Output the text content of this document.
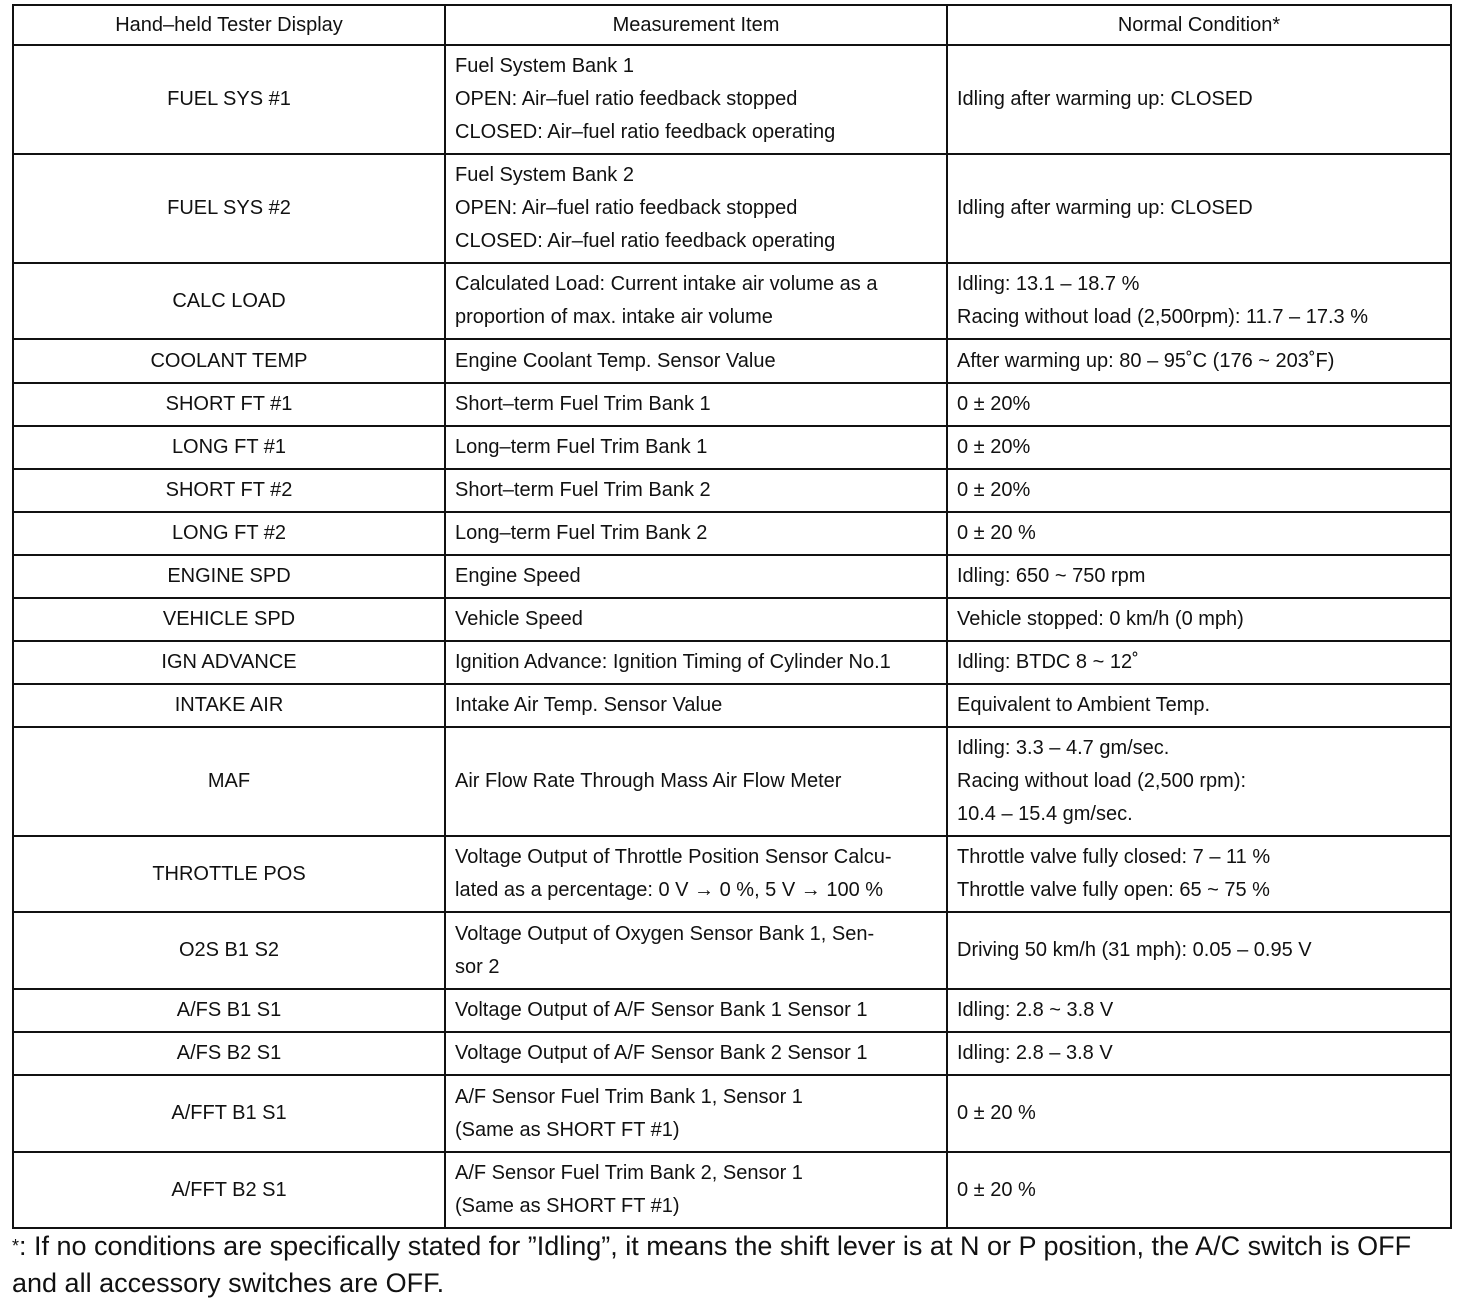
Hand–held Tester Display	Measurement Item	Normal Condition*
FUEL SYS #1	Fuel System Bank 1
OPEN: Air–fuel ratio feedback stopped
CLOSED: Air–fuel ratio feedback operating	Idling after warming up: CLOSED

FUEL SYS #2	Fuel System Bank 2
OPEN: Air–fuel ratio feedback stopped
CLOSED: Air–fuel ratio feedback operating	Idling after warming up: CLOSED

CALC LOAD	Calculated Load: Current intake air volume as a
proportion of max. intake air volume	Idling: 13.1 – 18.7 %
Racing without load (2,500rpm): 11.7 – 17.3 %

COOLANT TEMP	Engine Coolant Temp. Sensor Value	After warming up: 80 – 95˚C (176 ~ 203˚F)

SHORT FT #1	Short–term Fuel Trim Bank 1	0 ± 20%

LONG FT #1	Long–term Fuel Trim Bank 1	0 ± 20%

SHORT FT #2	Short–term Fuel Trim Bank 2	0 ± 20%

LONG FT #2	Long–term Fuel Trim Bank 2	0 ± 20 %

ENGINE SPD	Engine Speed	Idling: 650 ~ 750 rpm

VEHICLE SPD	Vehicle Speed	Vehicle stopped: 0 km/h (0 mph)

IGN ADVANCE	Ignition Advance: Ignition Timing of Cylinder No.1	Idling: BTDC 8 ~ 12˚

INTAKE AIR	Intake Air Temp. Sensor Value	Equivalent to Ambient Temp.

MAF	Air Flow Rate Through Mass Air Flow Meter	Idling: 3.3 – 4.7 gm/sec.
Racing without load (2,500 rpm):
10.4 – 15.4 gm/sec.

THROTTLE POS	Voltage Output of Throttle Position Sensor Calcu-
lated as a percentage: 0 V → 0 %, 5 V → 100 %	Throttle valve fully closed: 7 – 11 %
Throttle valve fully open: 65 ~ 75 %

O2S B1 S2	Voltage Output of Oxygen Sensor Bank 1, Sen-
sor 2	Driving 50 km/h (31 mph): 0.05 – 0.95 V

A/FS B1 S1	Voltage Output of A/F Sensor Bank 1 Sensor 1	Idling: 2.8 ~ 3.8 V

A/FS B2 S1	Voltage Output of A/F Sensor Bank 2 Sensor 1	Idling: 2.8 – 3.8 V

A/FFT B1 S1	A/F Sensor Fuel Trim Bank 1, Sensor 1
(Same as SHORT FT #1)	0 ± 20 %

A/FFT B2 S1	A/F Sensor Fuel Trim Bank 2, Sensor 1
(Same as SHORT FT #1)	0 ± 20 %
*: If no conditions are specifically stated for ”Idling”, it means the shift lever is at N or P position, the A/C switch is OFF and all accessory switches are OFF.
